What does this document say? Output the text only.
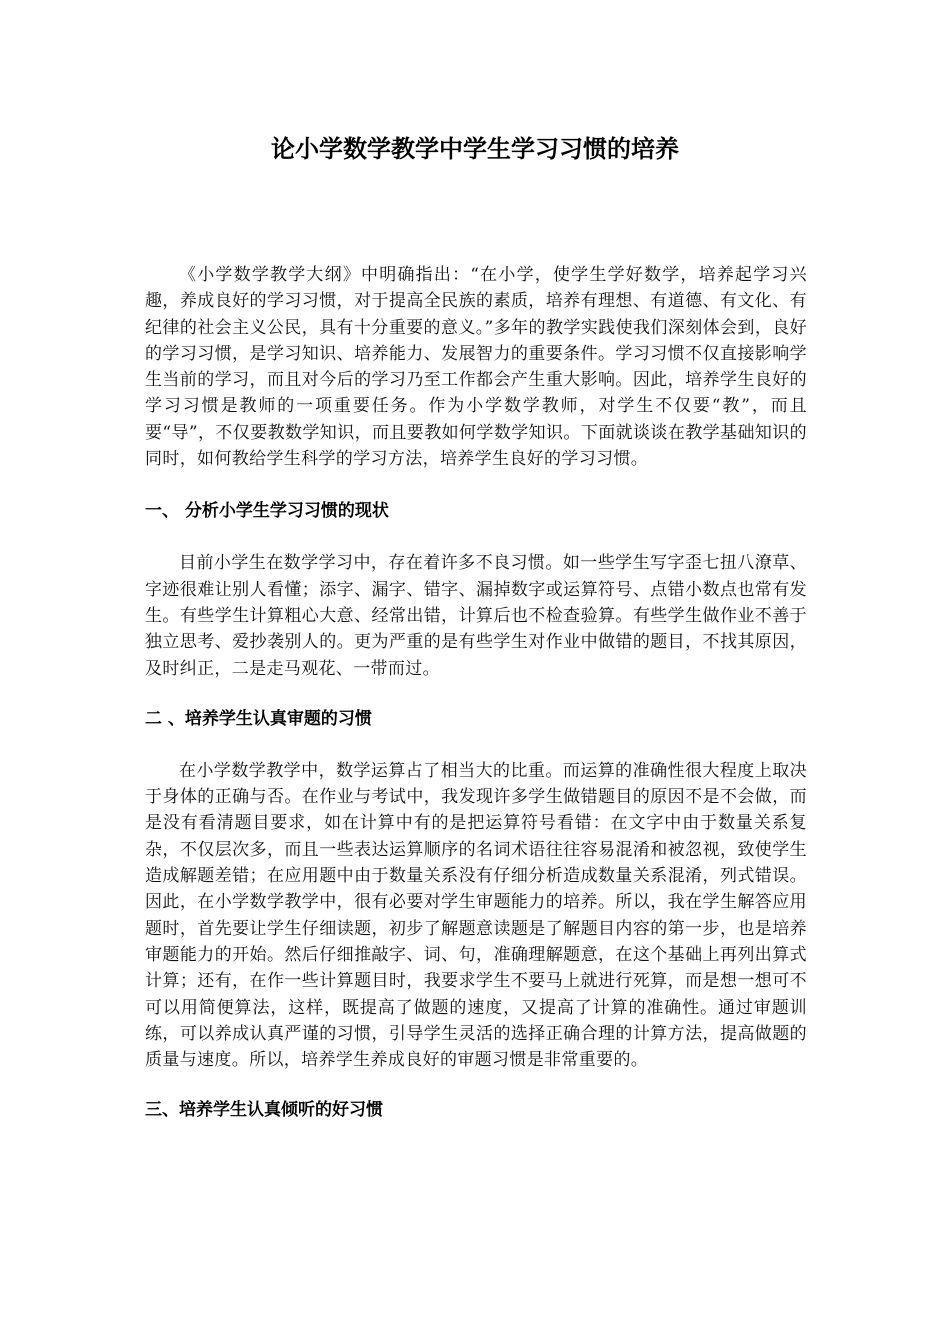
论小学数学教学中学生学习习惯的培养

《小学数学教学大纲》中明确指出：“在小学，使学生学好数学，培养起学习兴趣，养成良好的学习习惯，对于提高全民族的素质，培养有理想、有道德、有文化、有纪律的社会主义公民，具有十分重要的意义。”多年的教学实践使我们深刻体会到，良好的学习习惯，是学习知识、培养能力、发展智力的重要条件。学习习惯不仅直接影响学生当前的学习，而且对今后的学习乃至工作都会产生重大影响。因此，培养学生良好的学习习惯是教师的一项重要任务。作为小学数学教师，对学生不仅要“教”，而且要“导”，不仅要教数学知识，而且要教如何学数学知识。下面就谈谈在教学基础知识的同时，如何教给学生科学的学习方法，培养学生良好的学习习惯。

一、 分析小学生学习习惯的现状

目前小学生在数学学习中，存在着许多不良习惯。如一些学生写字歪七扭八潦草、字迹很难让别人看懂；添字、漏字、错字、漏掉数字或运算符号、点错小数点也常有发生。有些学生计算粗心大意、经常出错，计算后也不检查验算。有些学生做作业不善于独立思考、爱抄袭别人的。更为严重的是有些学生对作业中做错的题目，不找其原因，及时纠正，二是走马观花、一带而过。

二 、培养学生认真审题的习惯

在小学数学教学中，数学运算占了相当大的比重。而运算的准确性很大程度上取决于身体的正确与否。在作业与考试中，我发现许多学生做错题目的原因不是不会做，而是没有看清题目要求，如在计算中有的是把运算符号看错：在文字中由于数量关系复杂，不仅层次多，而且一些表达运算顺序的名词术语往往容易混淆和被忽视，致使学生造成解题差错；在应用题中由于数量关系没有仔细分析造成数量关系混淆，列式错误。因此，在小学数学教学中，很有必要对学生审题能力的培养。所以，我在学生解答应用题时，首先要让学生仔细读题，初步了解题意读题是了解题目内容的第一步，也是培养审题能力的开始。然后仔细推敲字、词、句，准确理解题意，在这个基础上再列出算式计算；还有，在作一些计算题目时，我要求学生不要马上就进行死算，而是想一想可不可以用简便算法，这样，既提高了做题的速度，又提高了计算的准确性。通过审题训练，可以养成认真严谨的习惯，引导学生灵活的选择正确合理的计算方法，提高做题的质量与速度。所以，培养学生养成良好的审题习惯是非常重要的。

三、培养学生认真倾听的好习惯
